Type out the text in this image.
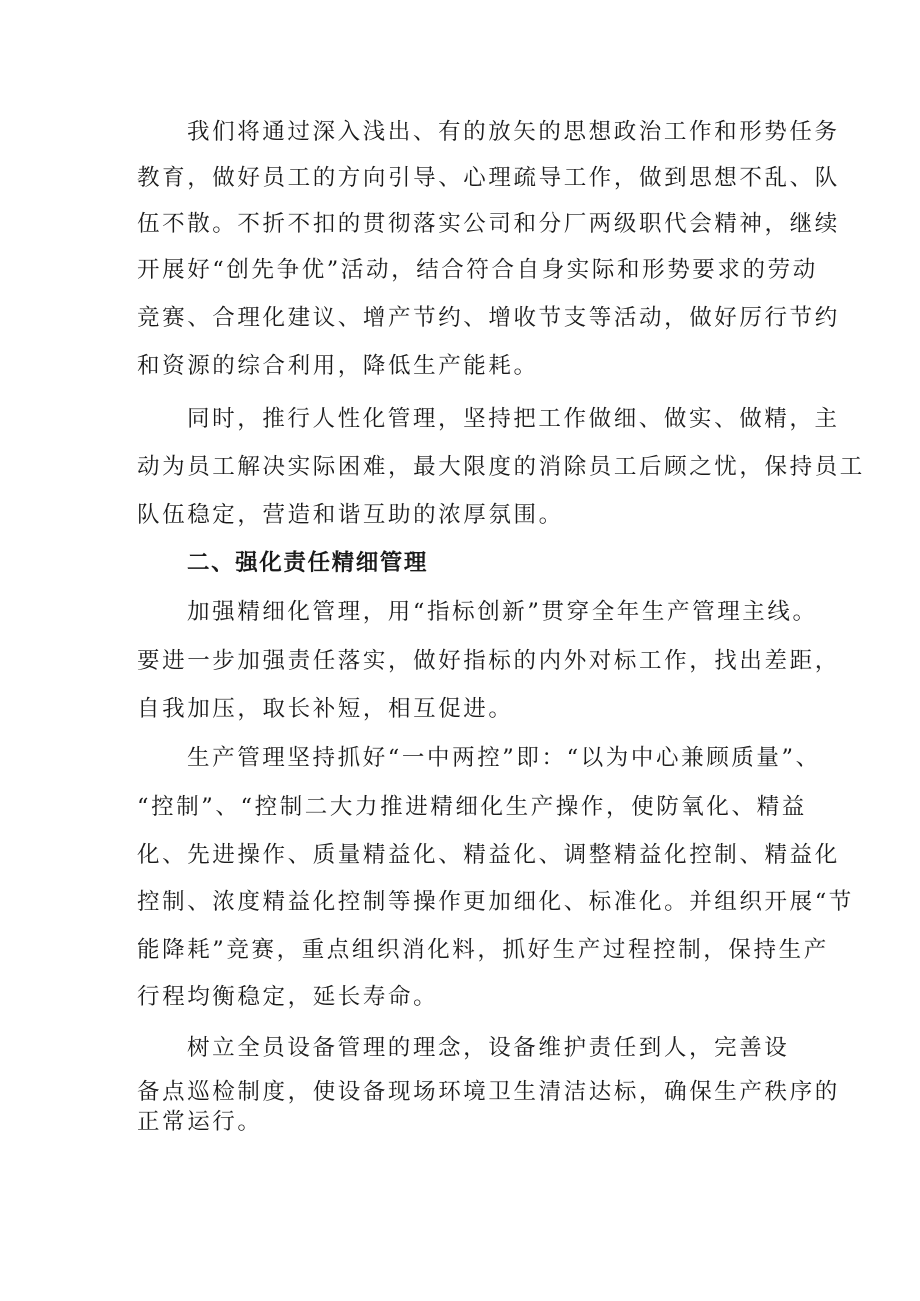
我们将通过深入浅出、有的放矢的思想政治工作和形势任务
教育，做好员工的方向引导、心理疏导工作，做到思想不乱、队
伍不散。不折不扣的贯彻落实公司和分厂两级职代会精神，继续
开展好“创先争优”活动，结合符合自身实际和形势要求的劳动
竞赛、合理化建议、增产节约、增收节支等活动，做好厉行节约
和资源的综合利用，降低生产能耗。
同时，推行人性化管理，坚持把工作做细、做实、做精，主
动为员工解决实际困难，最大限度的消除员工后顾之忧，保持员工
队伍稳定，营造和谐互助的浓厚氛围。
二、强化责任精细管理
加强精细化管理，用“指标创新”贯穿全年生产管理主线。
要进一步加强责任落实，做好指标的内外对标工作，找出差距，
自我加压，取长补短，相互促进。
生产管理坚持抓好“一中两控”即：“以为中心兼顾质量”、
“控制”、“控制二大力推进精细化生产操作，使防氧化、精益
化、先进操作、质量精益化、精益化、调整精益化控制、精益化
控制、浓度精益化控制等操作更加细化、标准化。并组织开展“节
能降耗”竞赛，重点组织消化料，抓好生产过程控制，保持生产
行程均衡稳定，延长寿命。
树立全员设备管理的理念，设备维护责任到人，完善设
备点巡检制度，使设备现场环境卫生清洁达标，确保生产秩序的
正常运行。
